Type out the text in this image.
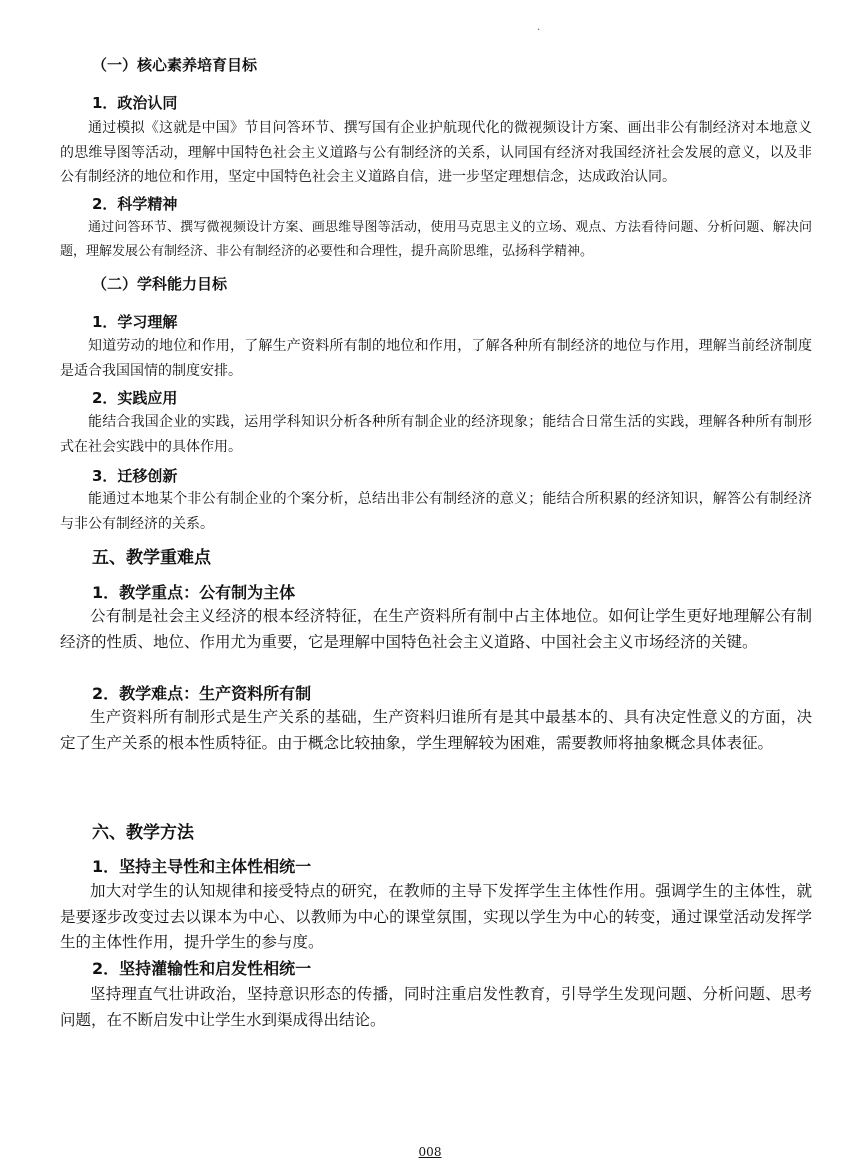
.
（一）核心素养培育目标
1．政治认同
通过模拟《这就是中国》节目问答环节、撰写国有企业护航现代化的微视频设计方案、画出非公有制经济对本地意义的思维导图等活动，理解中国特色社会主义道路与公有制经济的关系，认同国有经济对我国经济社会发展的意义，以及非公有制经济的地位和作用，坚定中国特色社会主义道路自信，进一步坚定理想信念，达成政治认同。
2．科学精神
通过问答环节、撰写微视频设计方案、画思维导图等活动，使用马克思主义的立场、观点、方法看待问题、分析问题、解决问题，理解发展公有制经济、非公有制经济的必要性和合理性，提升高阶思维，弘扬科学精神。
（二）学科能力目标
1．学习理解
知道劳动的地位和作用，了解生产资料所有制的地位和作用，了解各种所有制经济的地位与作用，理解当前经济制度是适合我国国情的制度安排。
2．实践应用
能结合我国企业的实践，运用学科知识分析各种所有制企业的经济现象；能结合日常生活的实践，理解各种所有制形式在社会实践中的具体作用。
3．迁移创新
能通过本地某个非公有制企业的个案分析，总结出非公有制经济的意义；能结合所积累的经济知识，解答公有制经济与非公有制经济的关系。
五、教学重难点
1．教学重点：公有制为主体
公有制是社会主义经济的根本经济特征，在生产资料所有制中占主体地位。如何让学生更好地理解公有制经济的性质、地位、作用尤为重要，它是理解中国特色社会主义道路、中国社会主义市场经济的关键。
2．教学难点：生产资料所有制
生产资料所有制形式是生产关系的基础，生产资料归谁所有是其中最基本的、具有决定性意义的方面，决定了生产关系的根本性质特征。由于概念比较抽象，学生理解较为困难，需要教师将抽象概念具体表征。
六、教学方法
1．坚持主导性和主体性相统一
加大对学生的认知规律和接受特点的研究，在教师的主导下发挥学生主体性作用。强调学生的主体性，就是要逐步改变过去以课本为中心、以教师为中心的课堂氛围，实现以学生为中心的转变，通过课堂活动发挥学生的主体性作用，提升学生的参与度。
2．坚持灌输性和启发性相统一
坚持理直气壮讲政治，坚持意识形态的传播，同时注重启发性教育，引导学生发现问题、分析问题、思考问题，在不断启发中让学生水到渠成得出结论。
008
